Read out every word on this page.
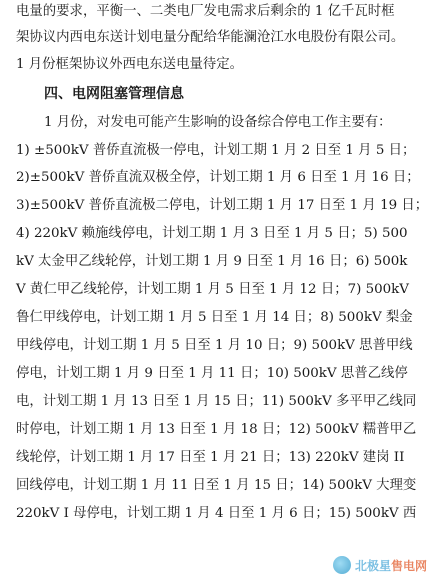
电量的要求，平衡一、二类电厂发电需求后剩余的 1 亿千瓦时框
架协议内西电东送计划电量分配给华能澜沧江水电股份有限公司。
1 月份框架协议外西电东送电量待定。
四、电网阻塞管理信息
1 月份，对发电可能产生影响的设备综合停电工作主要有：
1) ±500kV 普侨直流极一停电，计划工期 1 月 2 日至 1 月 5 日；
2)±500kV 普侨直流双极全停，计划工期 1 月 6 日至 1 月 16 日；
3)±500kV 普侨直流极二停电，计划工期 1 月 17 日至 1 月 19 日；
4) 220kV 赖施线停电，计划工期 1 月 3 日至 1 月 5 日；5) 500
kV 太金甲乙线轮停，计划工期 1 月 9 日至 1 月 16 日；6) 500k
V 黄仁甲乙线轮停，计划工期 1 月 5 日至 1 月 12 日；7) 500kV
鲁仁甲线停电，计划工期 1 月 5 日至 1 月 14 日；8) 500kV 梨金
甲线停电，计划工期 1 月 5 日至 1 月 10 日；9) 500kV 思普甲线
停电，计划工期 1 月 9 日至 1 月 11 日；10) 500kV 思普乙线停
电，计划工期 1 月 13 日至 1 月 15 日；11) 500kV 多平甲乙线同
时停电，计划工期 1 月 13 日至 1 月 18 日；12) 500kV 糯普甲乙
线轮停，计划工期 1 月 17 日至 1 月 21 日；13) 220kV 建岗 II
回线停电，计划工期 1 月 11 日至 1 月 15 日；14) 500kV 大理变
220kV I 母停电，计划工期 1 月 4 日至 1 月 6 日；15) 500kV 西
北极星售电网
